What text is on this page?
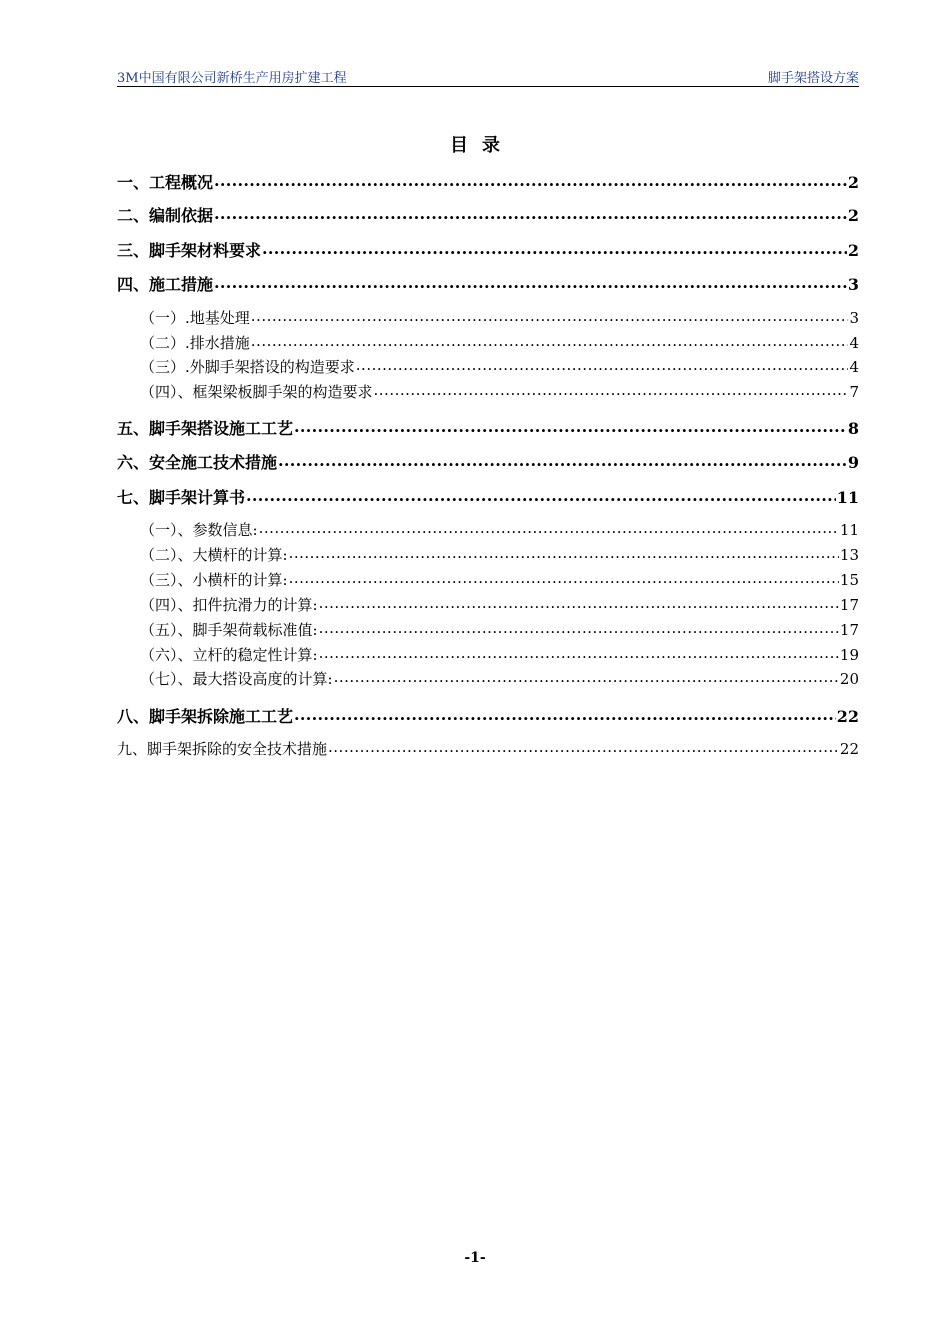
3M中国有限公司新桥生产用房扩建工程	脚手架搭设方案
目录
一、工程概况 .....	2
二、编制依据 .....	2
三、脚手架材料要求 .....	2
四、施工措施 .....	3
（一）.地基处理 .....	3
（二）.排水措施 .....	4
（三）.外脚手架搭设的构造要求 .....	4
（四）、框架梁板脚手架的构造要求 .....	7
五、脚手架搭设施工工艺 .....	8
六、安全施工技术措施 .....	9
七、脚手架计算书 .....	11
（一）、参数信息: .....	11
（二）、大横杆的计算: .....	13
（三）、小横杆的计算: .....	15
（四）、扣件抗滑力的计算: .....	17
（五）、脚手架荷载标准值: .....	17
（六）、立杆的稳定性计算: .....	19
（七）、最大搭设高度的计算: .....	20
八、脚手架拆除施工工艺 .....	22
九、脚手架拆除的安全技术措施 .....	22
-1-
